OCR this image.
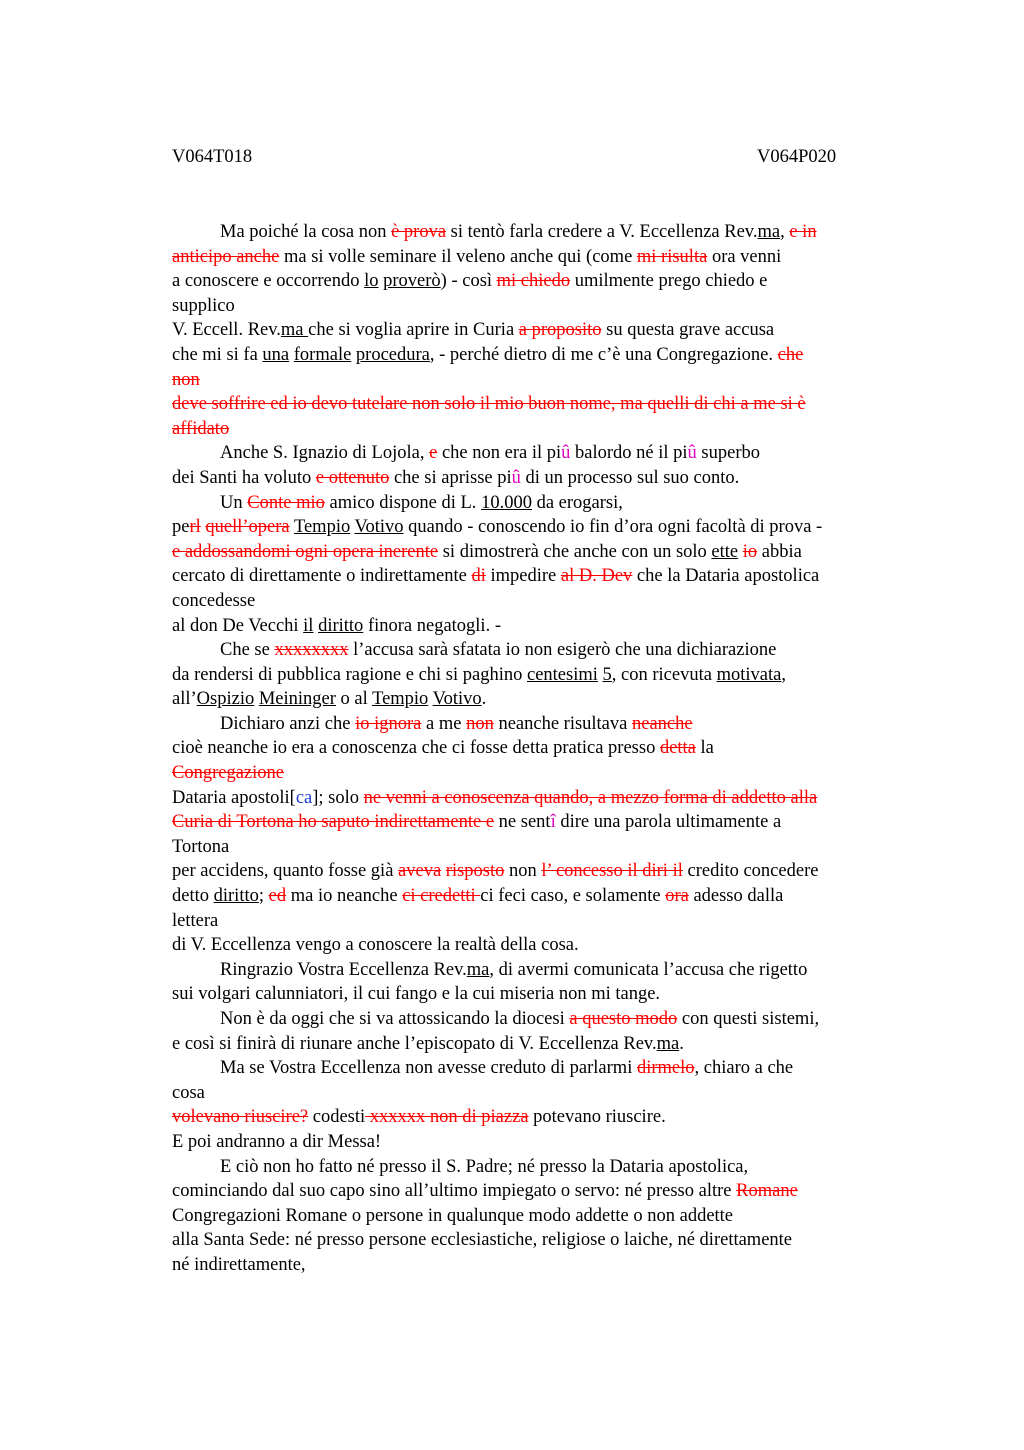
V064T018	V064P020
Ma poiché la cosa non è prova si tentò farla credere a V. Eccellenza Rev.ma, e in
anticipo anche ma si volle seminare il veleno anche qui (come mi risulta ora venni
a conoscere e occorrendo lo proverò) - così mi chiedo umilmente prego chiedo e
supplico
V. Eccell. Rev.ma che si voglia aprire in Curia a proposito su questa grave accusa
che mi si fa una formale procedura, - perché dietro di me c’è una Congregazione. che
non
deve soffrire ed io devo tutelare non solo il mio buon nome, ma quelli di chi a me si è
affidato
Anche S. Ignazio di Lojola, e che non era il piû balordo né il piû superbo
dei Santi ha voluto e ottenuto che si aprisse piû di un processo sul suo conto.
Un Conte mio amico dispone di L. 10.000 da erogarsi,
perl quell’opera Tempio Votivo quando - conoscendo io fin d’ora ogni facoltà di prova -
e addossandomi ogni opera inerente si dimostrerà che anche con un solo ette io abbia
cercato di direttamente o indirettamente di impedire al D. Dev che la Dataria apostolica
concedesse
al don De Vecchi il diritto finora negatogli. -
Che se xxxxxxxx l’accusa sarà sfatata io non esigerò che una dichiarazione
da rendersi di pubblica ragione e chi si paghino centesimi 5, con ricevuta motivata,
all’Ospizio Meininger o al Tempio Votivo.
Dichiaro anzi che io ignora a me non neanche risultava neanche
cioè neanche io era a conoscenza che ci fosse detta pratica presso detta la
Congregazione
Dataria apostoli[ca]; solo ne venni a conoscenza quando, a mezzo forma di addetto alla
Curia di Tortona ho saputo indirettamente e ne sentî dire una parola ultimamente a
Tortona
per accidens, quanto fosse già aveva risposto non l’ concesso il diri il credito concedere
detto diritto; ed ma io neanche ci credetti ci feci caso, e solamente ora adesso dalla
lettera
di V. Eccellenza vengo a conoscere la realtà della cosa.
Ringrazio Vostra Eccellenza Rev.ma, di avermi comunicata l’accusa che rigetto
sui volgari calunniatori, il cui fango e la cui miseria non mi tange.
Non è da oggi che si va attossicando la diocesi a questo modo con questi sistemi,
e così si finirà di riunare anche l’episcopato di V. Eccellenza Rev.ma.
Ma se Vostra Eccellenza non avesse creduto di parlarmi dirmelo, chiaro a che
cosa
volevano riuscire? codesti xxxxxx non di piazza potevano riuscire.
E poi andranno a dir Messa!
E ciò non ho fatto né presso il S. Padre; né presso la Dataria apostolica,
cominciando dal suo capo sino all’ultimo impiegato o servo: né presso altre Romane
Congregazioni Romane o persone in qualunque modo addette o non addette
alla Santa Sede: né presso persone ecclesiastiche, religiose o laiche, né direttamente
né indirettamente,
